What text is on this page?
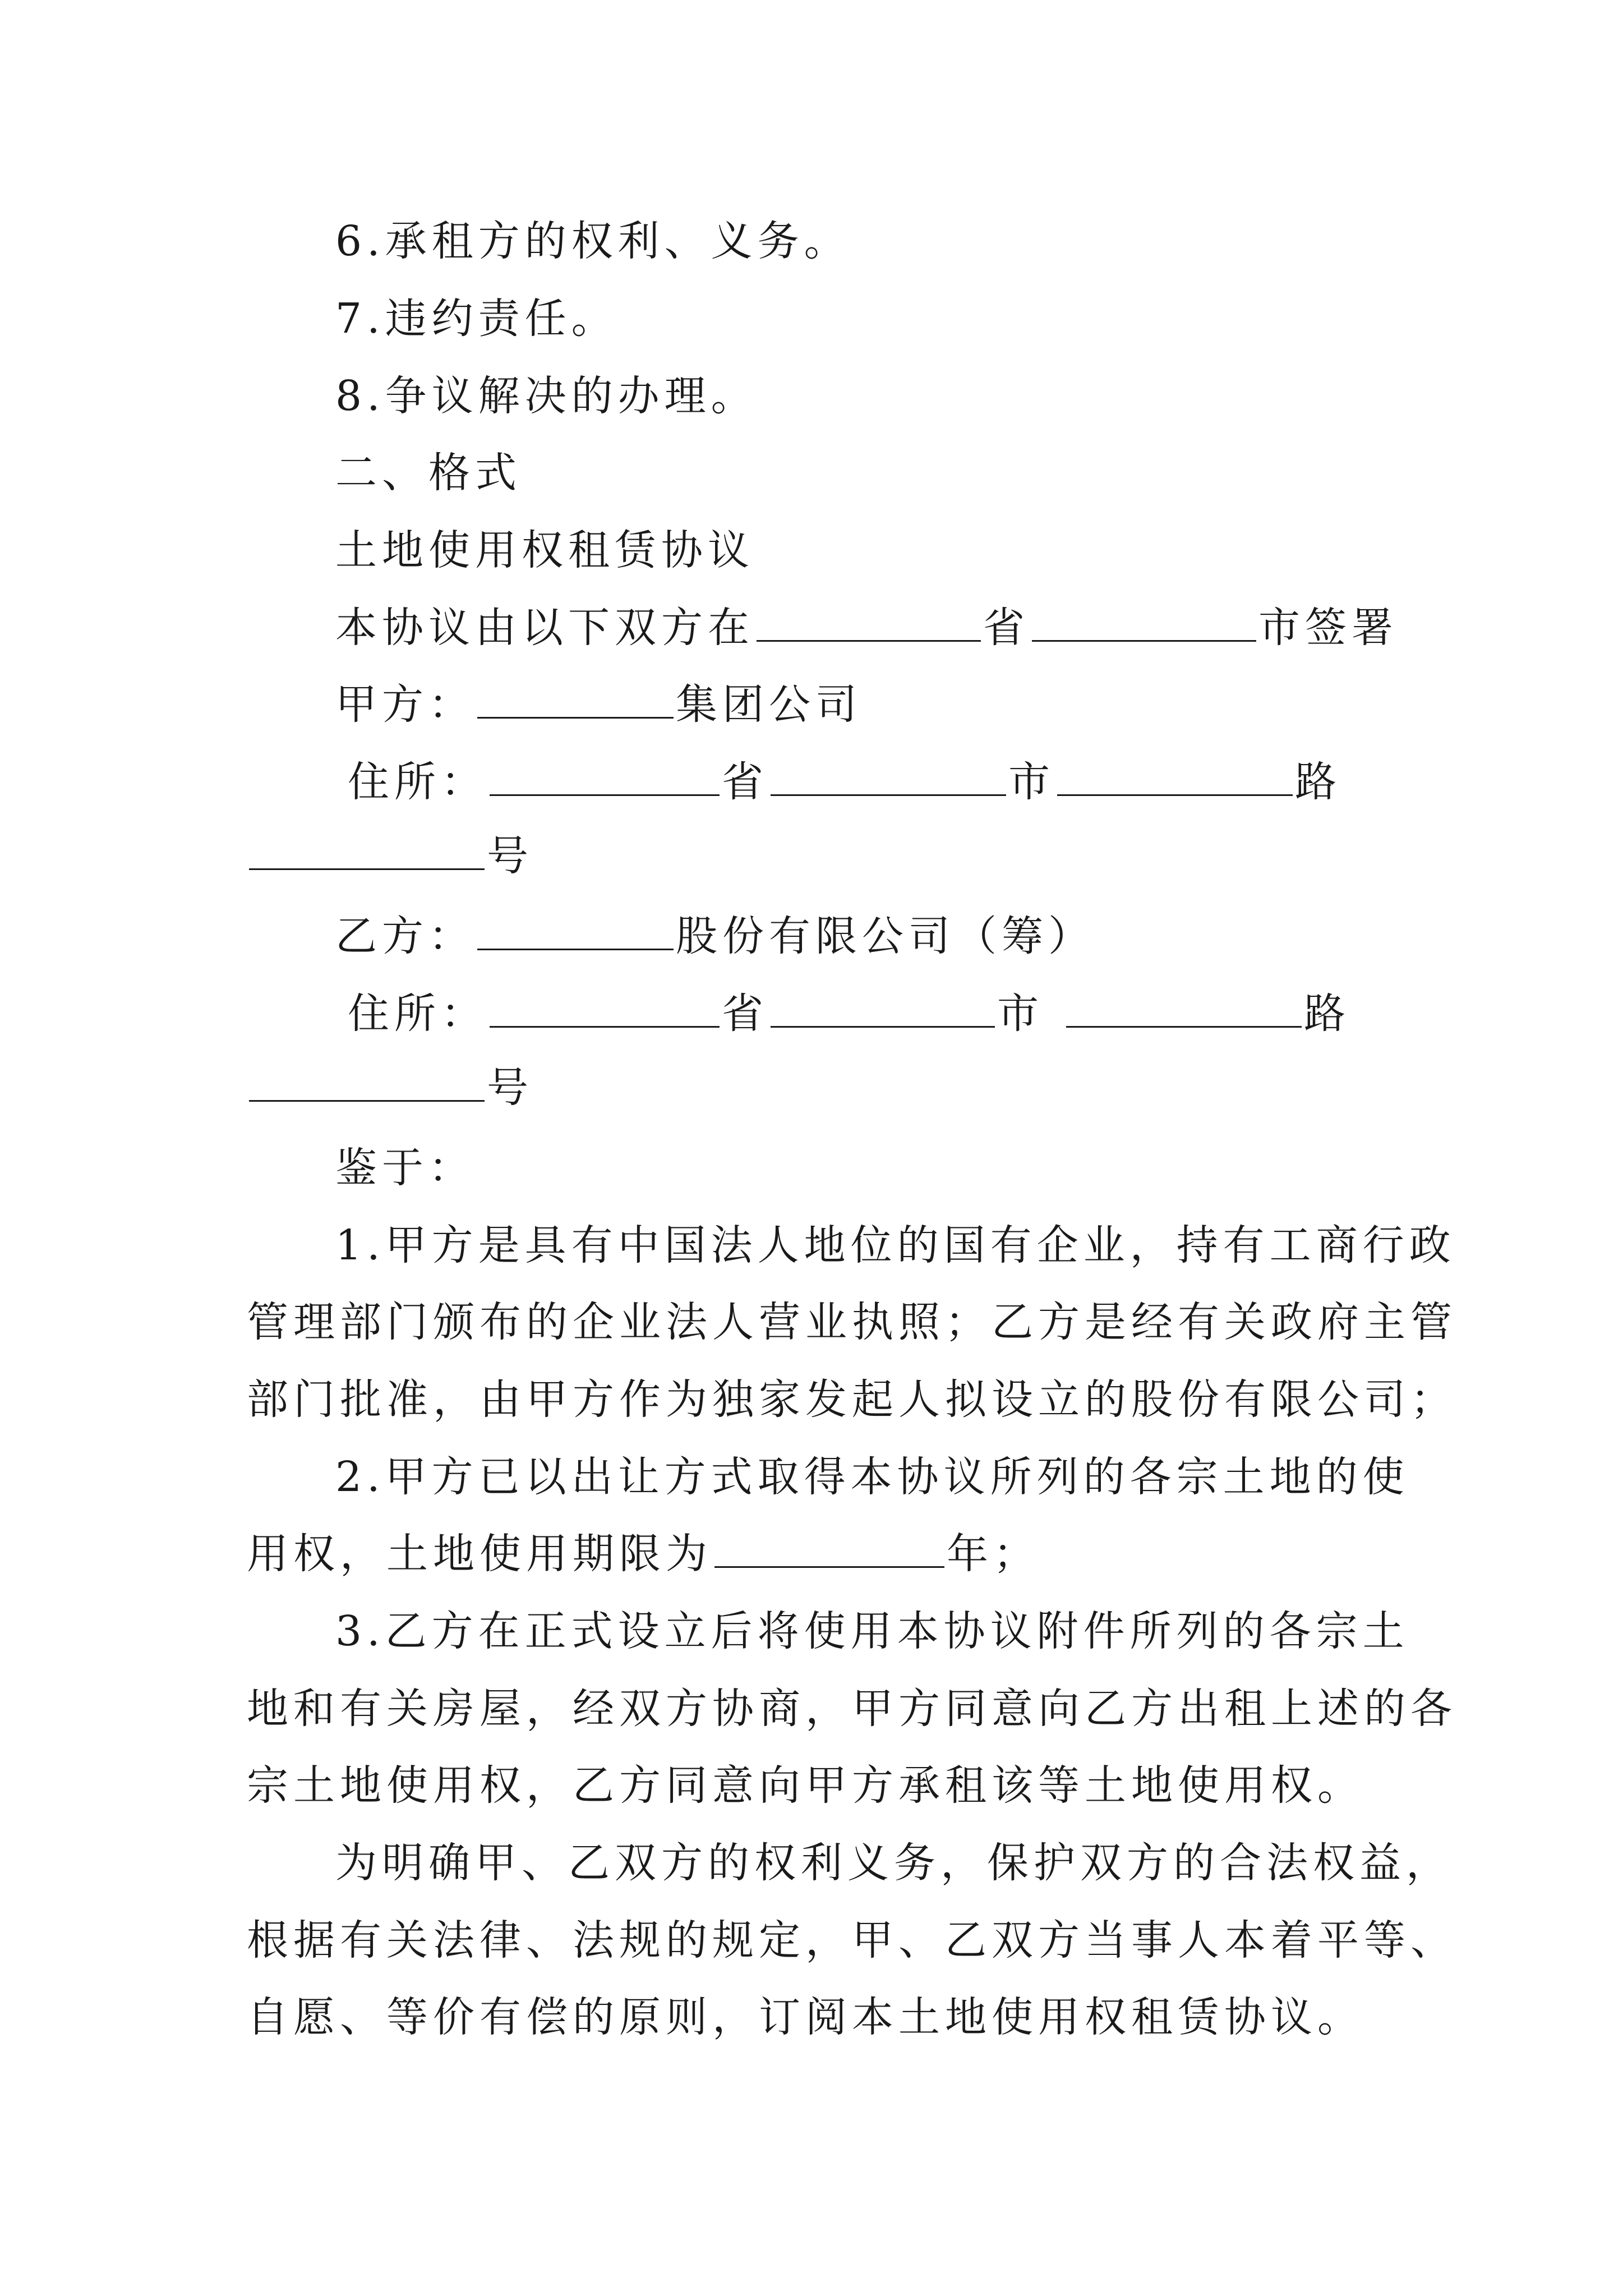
6.承租方的权利、义务。
7.违约责任。
8.争议解决的办理。
二、格式
土地使用权租赁协议
本协议由以下双方在	省	市签署
甲方：	集团公司
住所：	省	市	路
号
乙方：	股份有限公司（筹）
住所：	省	市	路
号
鉴于：
1.甲方是具有中国法人地位的国有企业，持有工商行政
管理部门颁布的企业法人营业执照；乙方是经有关政府主管
部门批准，由甲方作为独家发起人拟设立的股份有限公司；
2.甲方已以出让方式取得本协议所列的各宗土地的使
用权，土地使用期限为	年；
3.乙方在正式设立后将使用本协议附件所列的各宗土
地和有关房屋，经双方协商，甲方同意向乙方出租上述的各
宗土地使用权，乙方同意向甲方承租该等土地使用权。
为明确甲、乙双方的权利义务，保护双方的合法权益，
根据有关法律、法规的规定，甲、乙双方当事人本着平等、
自愿、等价有偿的原则，订阅本土地使用权租赁协议。
